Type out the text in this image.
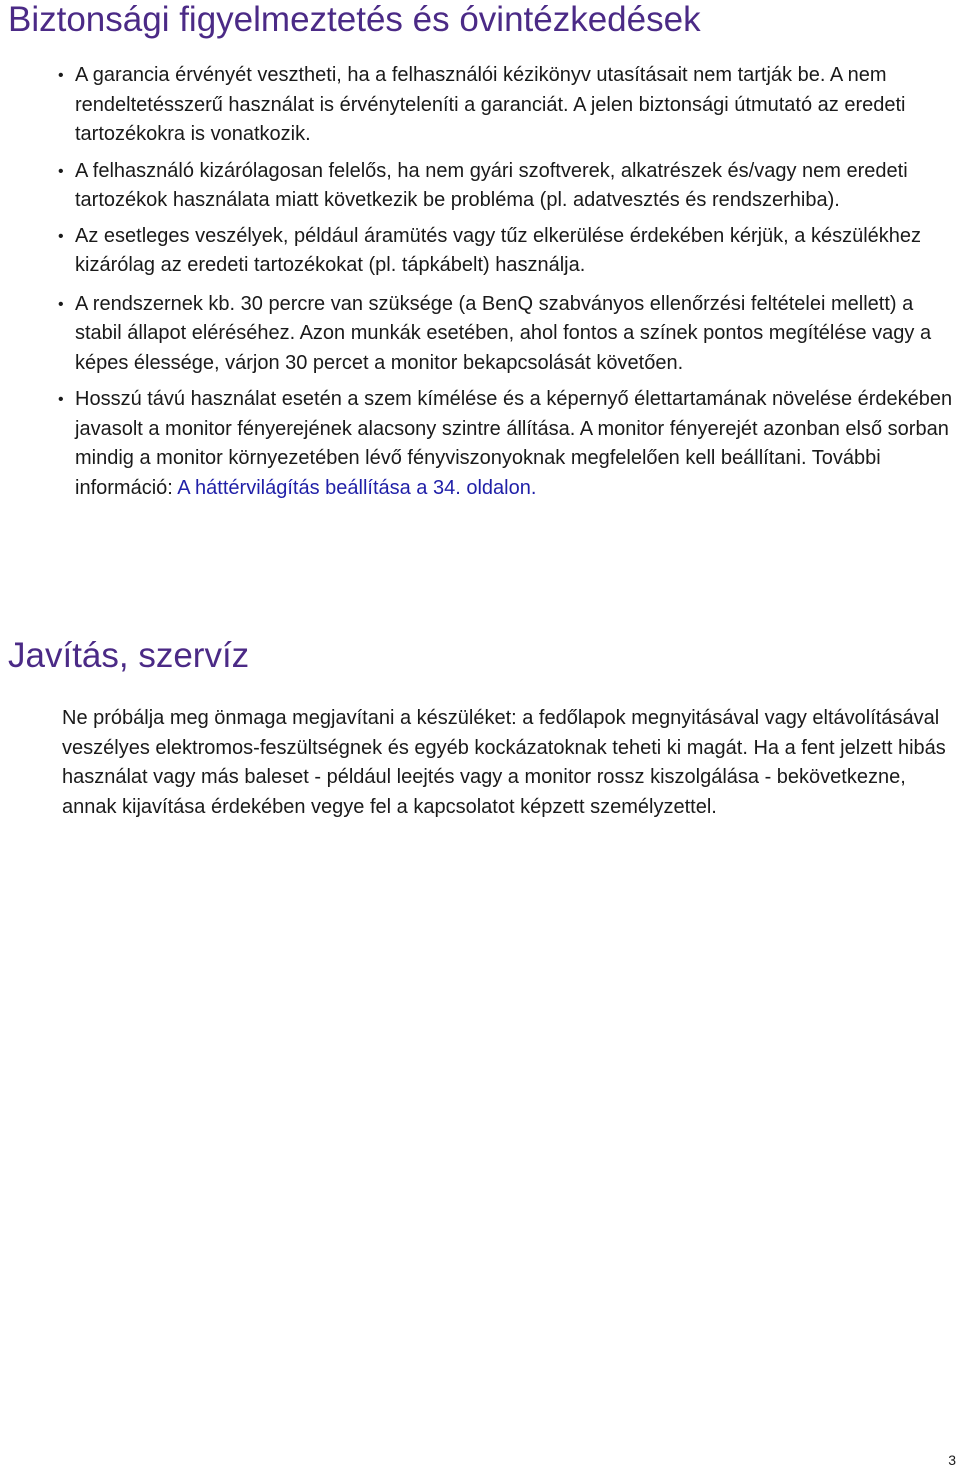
Biztonsági figyelmeztetés és óvintézkedések
• A garancia érvényét vesztheti, ha a felhasználói kézikönyv utasításait nem tartják be. A nem rendeltetésszerű használat is érvényteleníti a garanciát. A jelen biztonsági útmutató az eredeti tartozékokra is vonatkozik.
• A felhasználó kizárólagosan felelős, ha nem gyári szoftverek, alkatrészek és/vagy nem eredeti tartozékok használata miatt következik be probléma (pl. adatvesztés és rendszerhiba).
• Az esetleges veszélyek, például áramütés vagy tűz elkerülése érdekében kérjük, a készülékhez kizárólag az eredeti tartozékokat (pl. tápkábelt) használja.
• A rendszernek kb. 30 percre van szüksége (a BenQ szabványos ellenőrzési feltételei mellett) a stabil állapot eléréséhez. Azon munkák esetében, ahol fontos a színek pontos megítélése vagy a képes élessége, várjon 30 percet a monitor bekapcsolását követően.
• Hosszú távú használat esetén a szem kímélése és a képernyő élettartamának növelése érdekében javasolt a monitor fényerejének alacsony szintre állítása. A monitor fényerejét azonban első sorban mindig a monitor környezetében lévő fényviszonyoknak megfelelően kell beállítani. További információ: A háttérvilágítás beállítása a 34. oldalon.
Javítás, szervíz

Ne próbálja meg önmaga megjavítani a készüléket: a fedőlapok megnyitásával vagy eltávolításával veszélyes elektromos-feszültségnek és egyéb kockázatoknak teheti ki magát. Ha a fent jelzett hibás használat vagy más baleset - például leejtés vagy a monitor rossz kiszolgálása - bekövetkezne, annak kijavítása érdekében vegye fel a kapcsolatot képzett személyzettel.

3
